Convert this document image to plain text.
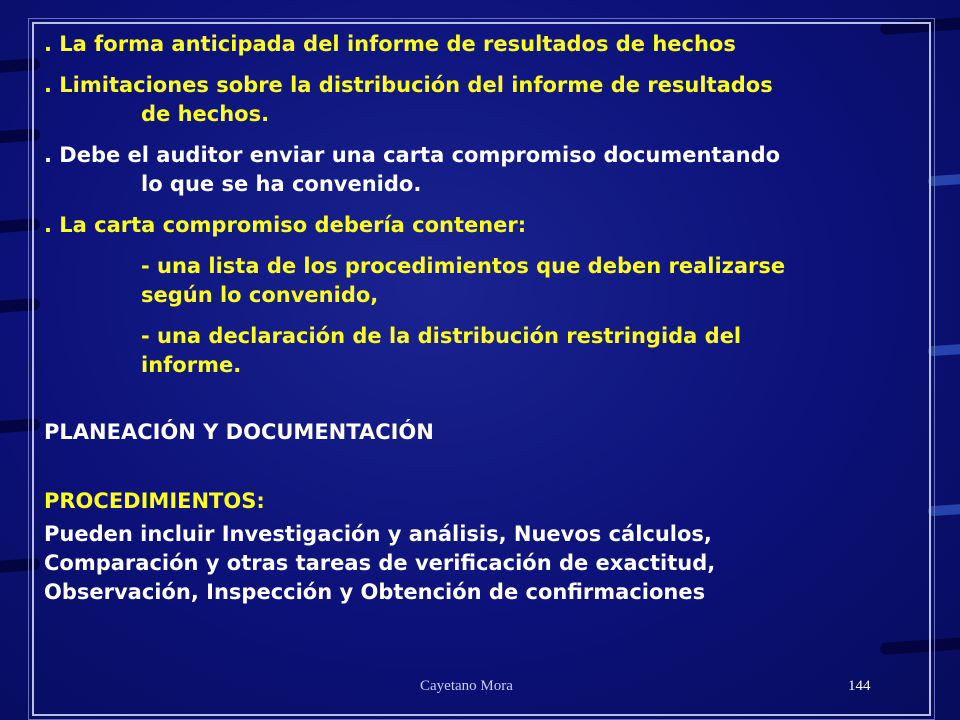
. La forma anticipada del informe de resultados de hechos

. Limitaciones sobre la distribución del informe de resultados

de hechos.

. Debe el auditor enviar una carta compromiso documentando

lo que se ha convenido.

. La carta compromiso debería contener:

- una lista de los procedimientos que deben realizarse

según lo convenido,

- una declaración de la distribución restringida del

informe.

PLANEACIÓN Y DOCUMENTACIÓN

PROCEDIMIENTOS:

Pueden incluir Investigación y análisis, Nuevos cálculos,

Comparación y otras tareas de verificación de exactitud,

Observación, Inspección y Obtención de confirmaciones

Cayetano Mora	144
